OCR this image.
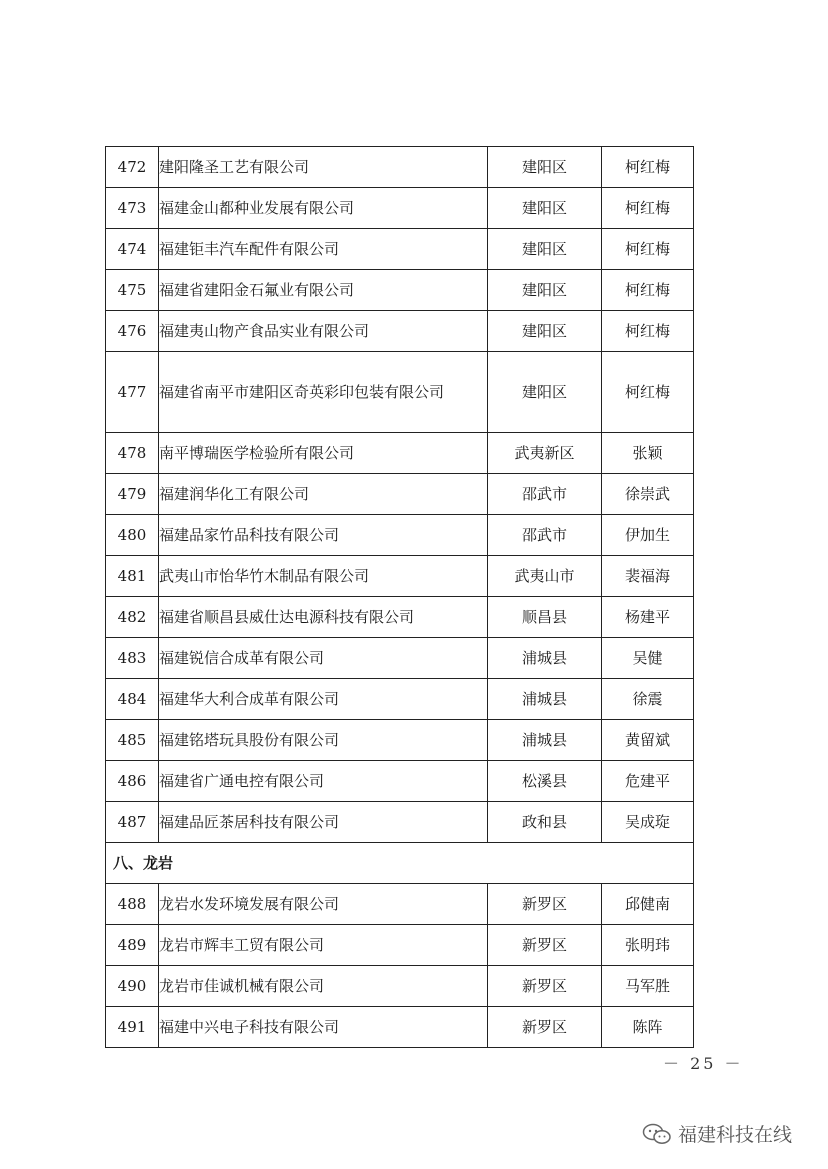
472	建阳隆圣工艺有限公司	建阳区	柯红梅
473	福建金山都种业发展有限公司	建阳区	柯红梅
474	福建钜丰汽车配件有限公司	建阳区	柯红梅
475	福建省建阳金石氟业有限公司	建阳区	柯红梅
476	福建夷山物产食品实业有限公司	建阳区	柯红梅
477	福建省南平市建阳区奇英彩印包装有限公司	建阳区	柯红梅
478	南平博瑞医学检验所有限公司	武夷新区	张颖
479	福建润华化工有限公司	邵武市	徐崇武
480	福建品家竹品科技有限公司	邵武市	伊加生
481	武夷山市怡华竹木制品有限公司	武夷山市	裴福海
482	福建省顺昌县威仕达电源科技有限公司	顺昌县	杨建平
483	福建锐信合成革有限公司	浦城县	吴健
484	福建华大利合成革有限公司	浦城县	徐震
485	福建铭塔玩具股份有限公司	浦城县	黄留斌
486	福建省广通电控有限公司	松溪县	危建平
487	福建品匠茶居科技有限公司	政和县	吴成琁
八、龙岩			
488	龙岩水发环境发展有限公司	新罗区	邱健南
489	龙岩市辉丰工贸有限公司	新罗区	张明玮
490	龙岩市佳诚机械有限公司	新罗区	马军胜
491	福建中兴电子科技有限公司	新罗区	陈阵
－ 25 －
福建科技在线
